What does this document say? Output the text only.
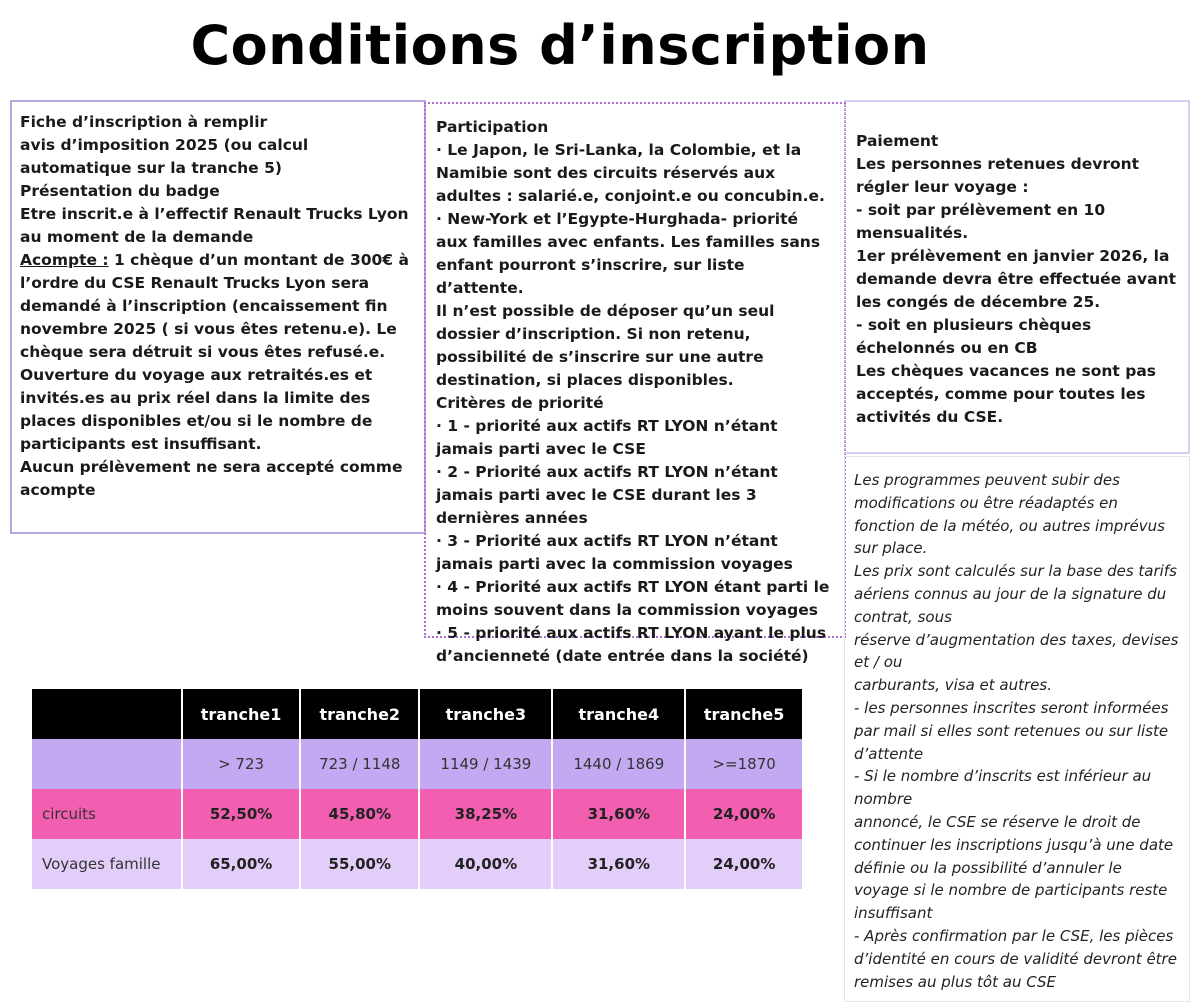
Conditions d’inscription

Fiche d’inscription à remplir

avis d’imposition 2025 (ou calcul automatique sur la tranche 5)

Présentation du badge

Etre inscrit.e à l’effectif Renault Trucks Lyon au moment de la demande

Acompte : 1 chèque d’un montant de 300€ à l’ordre du CSE Renault Trucks Lyon sera demandé à l’inscription (encaissement fin novembre 2025 ( si vous êtes retenu.e). Le chèque sera détruit si vous êtes refusé.e.

Ouverture du voyage aux retraités.es et invités.es au prix réel dans la limite des places disponibles et/ou si le nombre de participants est insuffisant.

Aucun prélèvement ne sera accepté comme acompte

Participation

· Le Japon, le Sri-Lanka, la Colombie, et la Namibie sont des circuits réservés aux adultes : salarié.e, conjoint.e ou concubin.e.

· New-York et l’Egypte-Hurghada- priorité aux familles avec enfants. Les familles sans enfant pourront s’inscrire, sur liste d’attente.

Il n’est possible de déposer qu’un seul dossier d’inscription. Si non retenu, possibilité de s’inscrire sur une autre destination, si places disponibles.

Critères de priorité

· 1 - priorité aux actifs RT LYON n’étant jamais parti avec le CSE

· 2 - Priorité aux actifs RT LYON n’étant jamais parti avec le CSE durant les 3 dernières années

· 3 - Priorité aux actifs RT LYON n’étant jamais parti avec la commission voyages

· 4 - Priorité aux actifs RT LYON étant parti le moins souvent dans la commission voyages

· 5 - priorité aux actifs RT LYON ayant le plus d’ancienneté (date entrée dans la société)

Paiement

Les personnes retenues devront régler leur voyage :

- soit par prélèvement en 10 mensualités.

1er prélèvement en janvier 2026, la demande devra être effectuée avant les congés de décembre 25.

- soit en plusieurs chèques échelonnés ou en CB

Les chèques vacances ne sont pas acceptés, comme pour toutes les activités du CSE.

Les programmes peuvent subir des modifications ou être réadaptés en fonction de la météo, ou autres imprévus sur place.

Les prix sont calculés sur la base des tarifs aériens connus au jour de la signature du contrat, sous

réserve d’augmentation des taxes, devises et / ou

carburants, visa et autres.

- les personnes inscrites seront informées par mail si elles sont retenues ou sur liste d’attente

- Si le nombre d’inscrits est inférieur au nombre

annoncé, le CSE se réserve le droit de continuer les inscriptions jusqu’à une date définie ou la possibilité d’annuler le voyage si le nombre de participants reste insuffisant

- Après confirmation par le CSE, les pièces d’identité en cours de validité devront être remises au plus tôt au CSE

	tranche1	tranche2	tranche3	tranche4	tranche5
	> 723	723 / 1148	1149 / 1439	1440 / 1869	>=1870
circuits	52,50%	45,80%	38,25%	31,60%	24,00%
Voyages famille	65,00%	55,00%	40,00%	31,60%	24,00%
